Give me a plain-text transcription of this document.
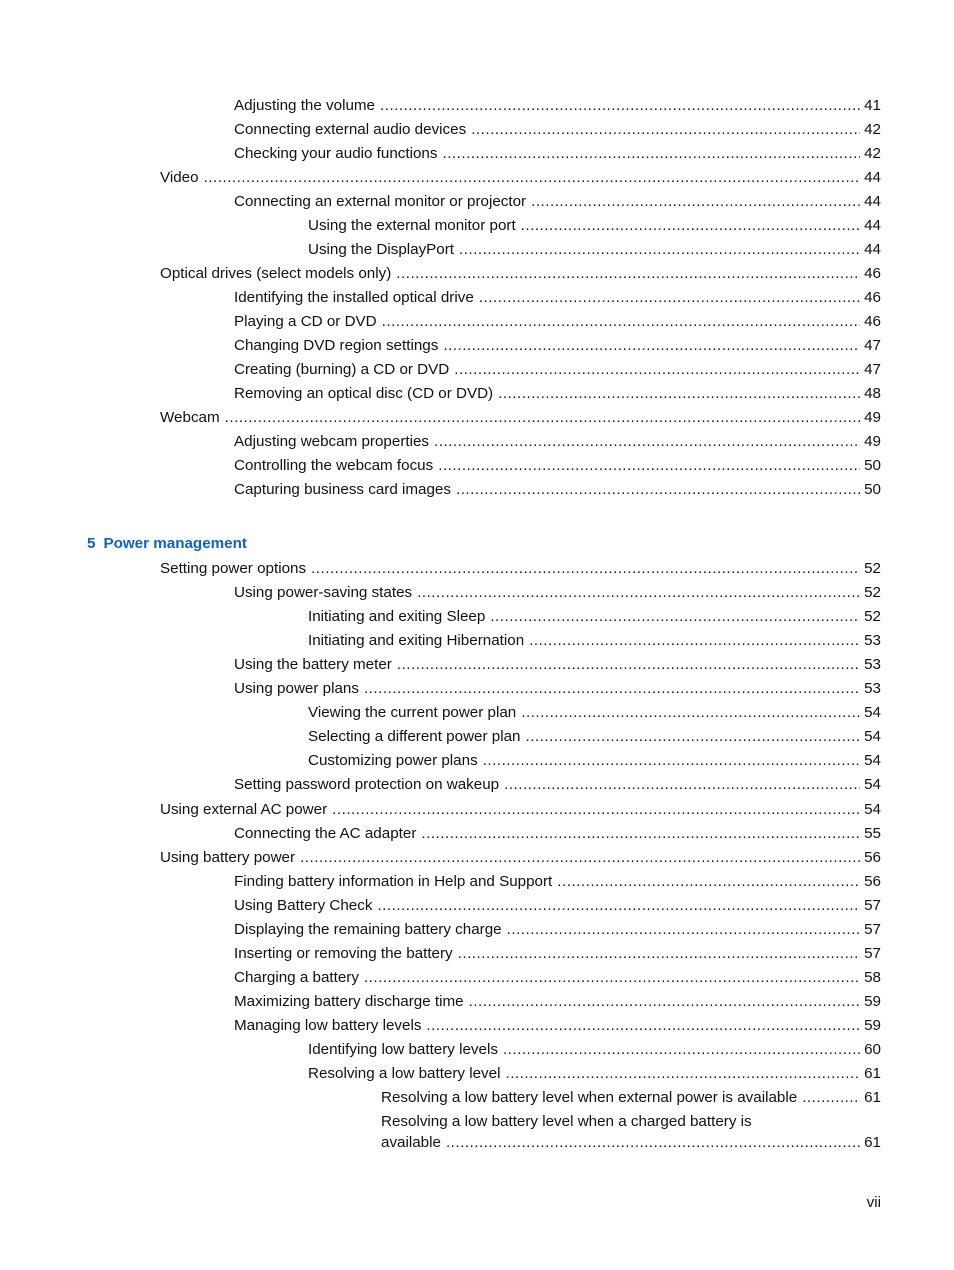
Adjusting the volume .....	41
Connecting external audio devices .....	42
Checking your audio functions .....	42
Video .....	44
Connecting an external monitor or projector .....	44
Using the external monitor port .....	44
Using the DisplayPort .....	44
Optical drives (select models only) .....	46
Identifying the installed optical drive .....	46
Playing a CD or DVD .....	46
Changing DVD region settings .....	47
Creating (burning) a CD or DVD .....	47
Removing an optical disc (CD or DVD) .....	48
Webcam .....	49
Adjusting webcam properties .....	49
Controlling the webcam focus .....	50
Capturing business card images .....	50
5 Power management
Setting power options .....	52
Using power-saving states .....	52
Initiating and exiting Sleep .....	52
Initiating and exiting Hibernation .....	53
Using the battery meter .....	53
Using power plans .....	53
Viewing the current power plan .....	54
Selecting a different power plan .....	54
Customizing power plans .....	54
Setting password protection on wakeup .....	54
Using external AC power .....	54
Connecting the AC adapter .....	55
Using battery power .....	56
Finding battery information in Help and Support .....	56
Using Battery Check .....	57
Displaying the remaining battery charge .....	57
Inserting or removing the battery .....	57
Charging a battery .....	58
Maximizing battery discharge time .....	59
Managing low battery levels .....	59
Identifying low battery levels .....	60
Resolving a low battery level .....	61
Resolving a low battery level when external power is available .....	61
Resolving a low battery level when a charged battery is
available .....	61
vii
